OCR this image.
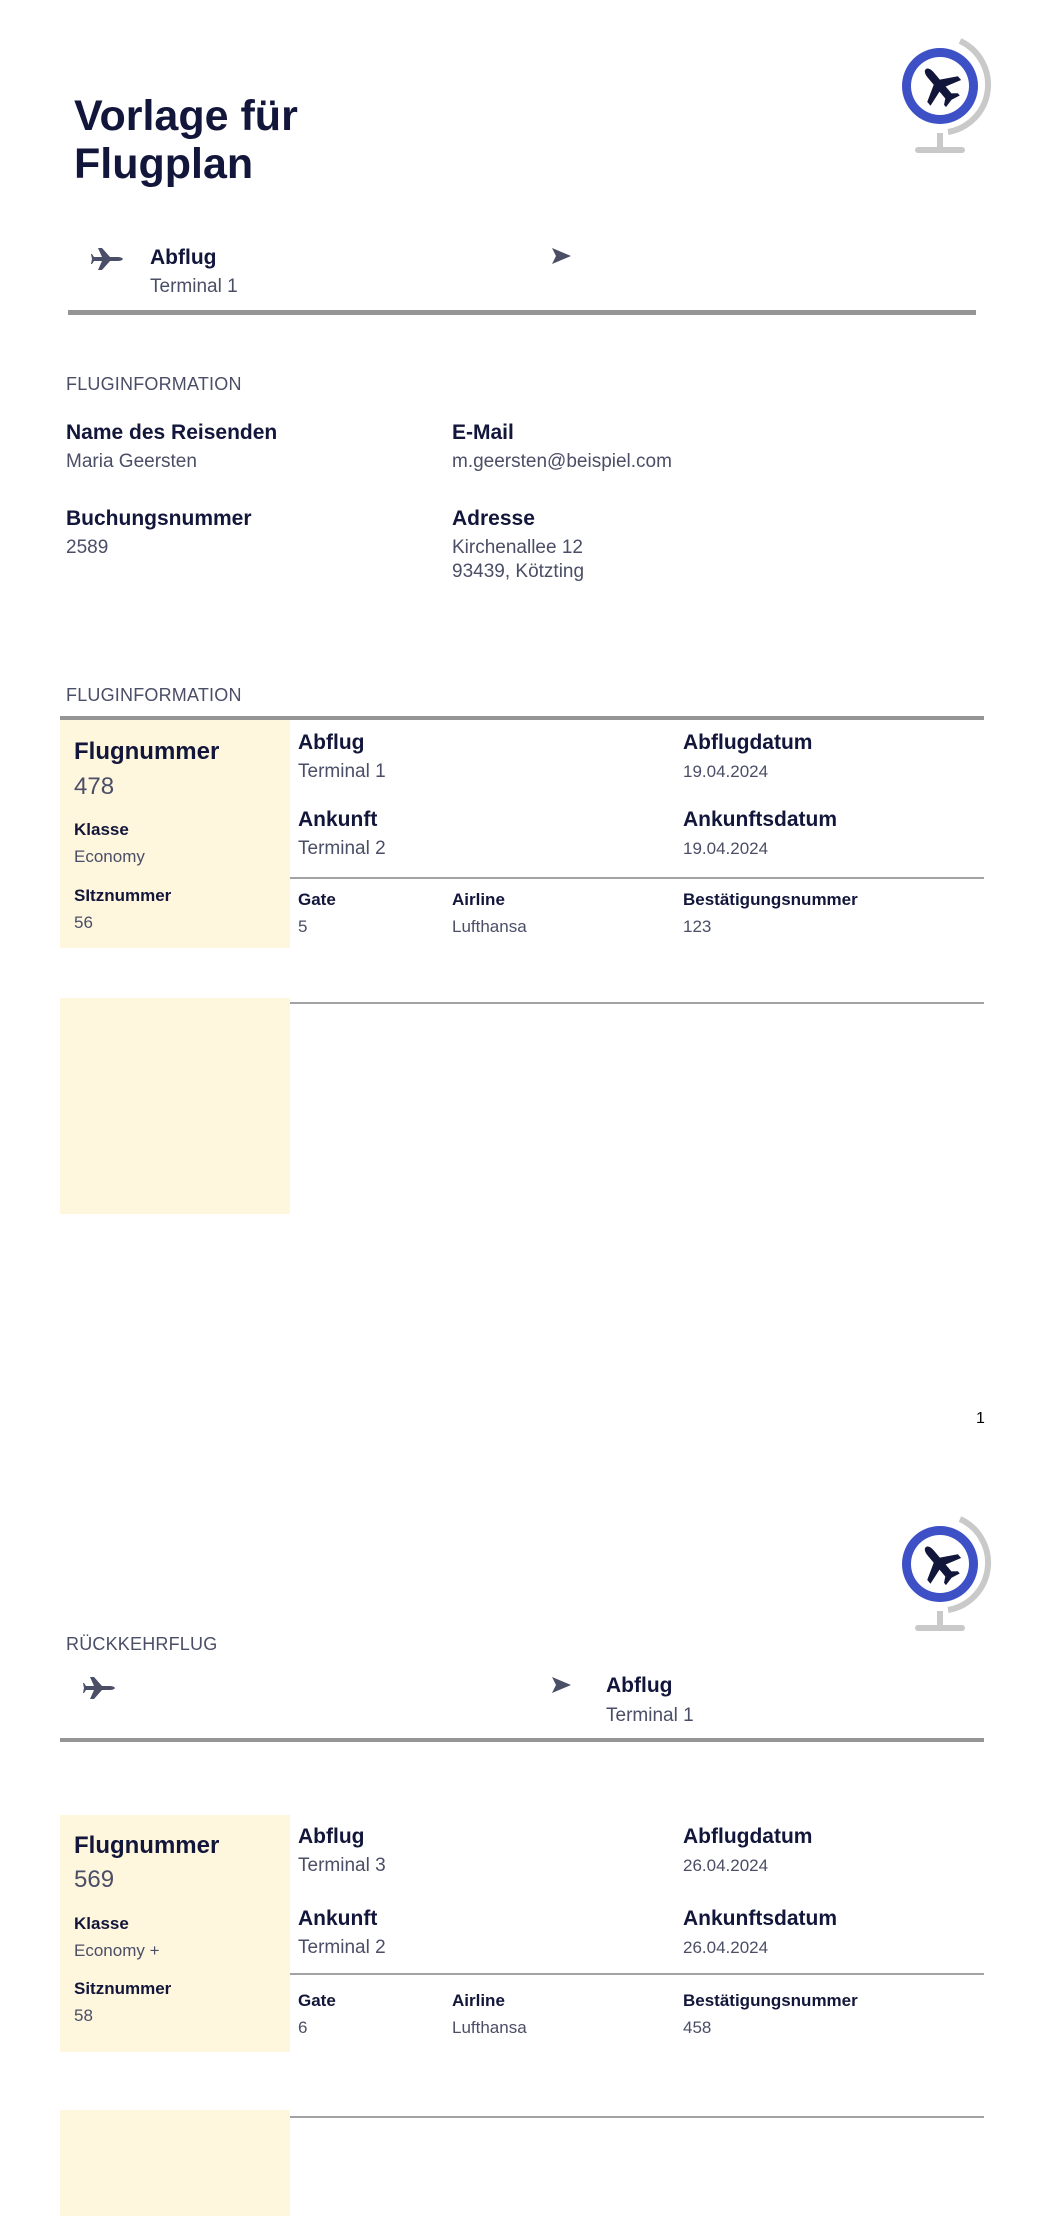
Vorlage für
Flugplan
Abflug
Terminal 1
FLUGINFORMATION
Name des Reisenden
Maria Geersten
E-Mail
m.geersten@beispiel.com
Buchungsnummer
2589
Adresse
Kirchenallee 12
93439, Kötzting
FLUGINFORMATION
Flugnummer
478
Klasse
Economy
SItznummer
56
Abflug
Terminal 1
Abflugdatum
19.04.2024
Ankunft
Terminal 2
Ankunftsdatum
19.04.2024
Gate
5
Airline
Lufthansa
Bestätigungsnummer
123
1
RÜCKKEHRFLUG
Abflug
Terminal 1
Flugnummer
569
Klasse
Economy +
Sitznummer
58
Abflug
Terminal 3
Abflugdatum
26.04.2024
Ankunft
Terminal 2
Ankunftsdatum
26.04.2024
Gate
6
Airline
Lufthansa
Bestätigungsnummer
458
